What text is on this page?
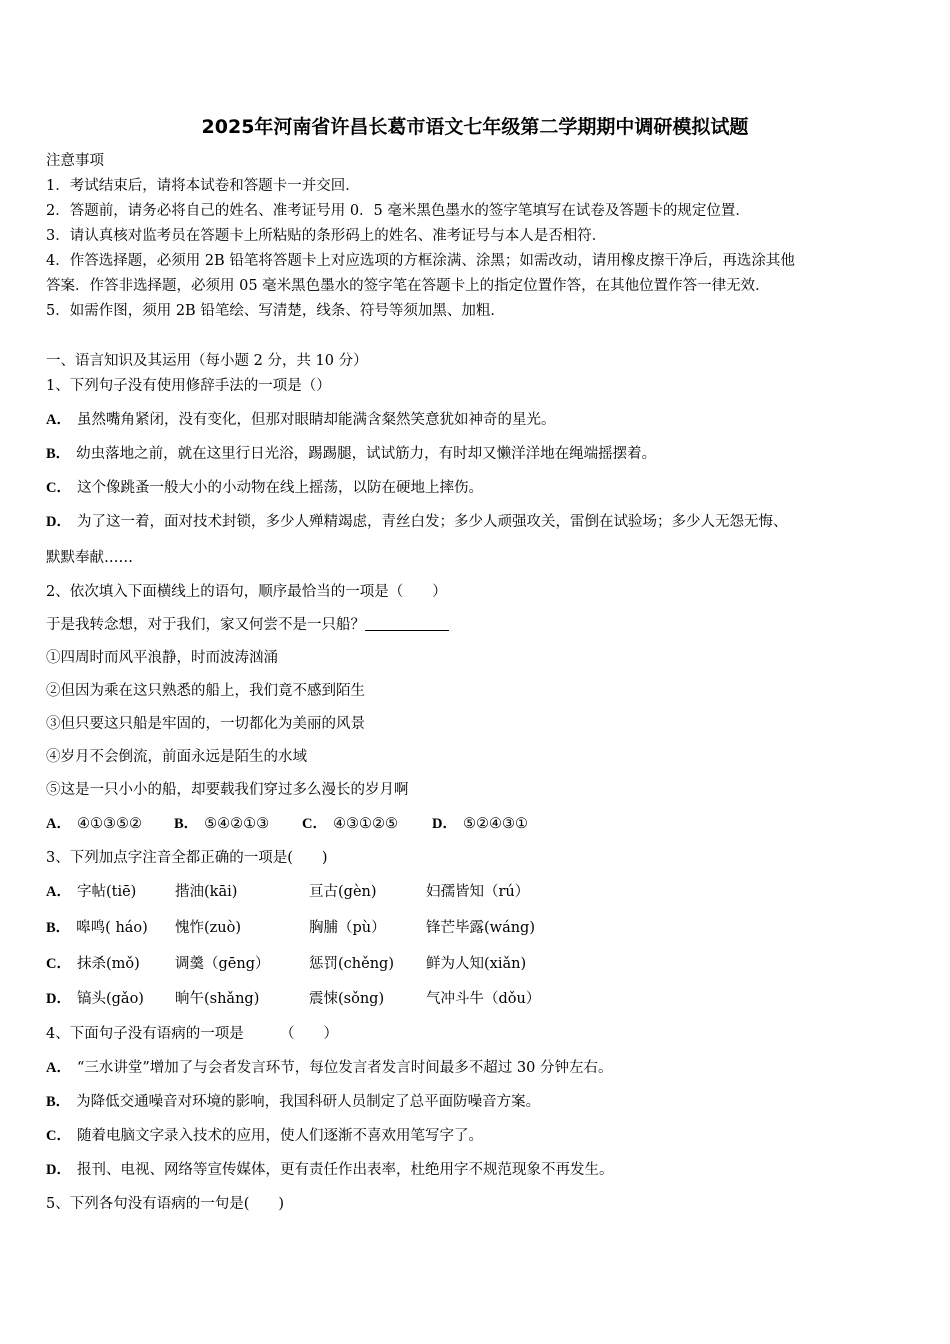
2025年河南省许昌长葛市语文七年级第二学期期中调研模拟试题
注意事项
1．考试结束后，请将本试卷和答题卡一并交回．
2．答题前，请务必将自己的姓名、准考证号用 0．5 毫米黑色墨水的签字笔填写在试卷及答题卡的规定位置．
3．请认真核对监考员在答题卡上所粘贴的条形码上的姓名、准考证号与本人是否相符．
4．作答选择题，必须用 2B 铅笔将答题卡上对应选项的方框涂满、涂黑；如需改动，请用橡皮擦干净后，再选涂其他
答案．作答非选择题，必须用 05 毫米黑色墨水的签字笔在答题卡上的指定位置作答，在其他位置作答一律无效．
5．如需作图，须用 2B 铅笔绘、写清楚，线条、符号等须加黑、加粗．
一、语言知识及其运用（每小题 2 分，共 10 分）
1、下列句子没有使用修辞手法的一项是（）
A． 虽然嘴角紧闭，没有变化，但那对眼睛却能满含粲然笑意犹如神奇的星光。
B． 幼虫落地之前，就在这里行日光浴，踢踢腿，试试筋力，有时却又懒洋洋地在绳端摇摆着。
C． 这个像跳蚤一般大小的小动物在线上摇荡，以防在硬地上摔伤。
D． 为了这一着，面对技术封锁，多少人殚精竭虑，青丝白发；多少人顽强攻关，雷倒在试验场；多少人无怨无悔、
默默奉献……
2、依次填入下面横线上的语句，顺序最恰当的一项是（　　）
于是我转念想，对于我们，家又何尝不是一只船？
①四周时而风平浪静，时而波涛汹涌
②但因为乘在这只熟悉的船上，我们竟不感到陌生
③但只要这只船是牢固的，一切都化为美丽的风景
④岁月不会倒流，前面永远是陌生的水域
⑤这是一只小小的船，却要载我们穿过多么漫长的岁月啊
A． ④①③⑤② B． ⑤④②①③ C． ④③①②⑤ D． ⑤②④③①
3、下列加点字注音全都正确的一项是(　　)
A． 字帖(tiē)	揩油(kāi)	亘古(gèn)	妇孺皆知（rú）
B． 嗥鸣( háo) 愧怍(zuò)	胸脯（pù）	锋芒毕露(wáng)
C． 抹杀(mǒ) 调羹（gēng）	惩罚(chěng) 鲜为人知(xiǎn)
D． 镐头(gǎo) 晌午(shǎng)	震悚(sǒng)	气冲斗牛（dǒu）
4、下面句子没有语病的一项是　　　（　　）
A． “三水讲堂”增加了与会者发言环节，每位发言者发言时间最多不超过 30 分钟左右。
B． 为降低交通噪音对环境的影响，我国科研人员制定了总平面防噪音方案。
C． 随着电脑文字录入技术的应用，使人们逐渐不喜欢用笔写字了。
D． 报刊、电视、网络等宣传媒体，更有责任作出表率，杜绝用字不规范现象不再发生。
5、下列各句没有语病的一句是(　　)
